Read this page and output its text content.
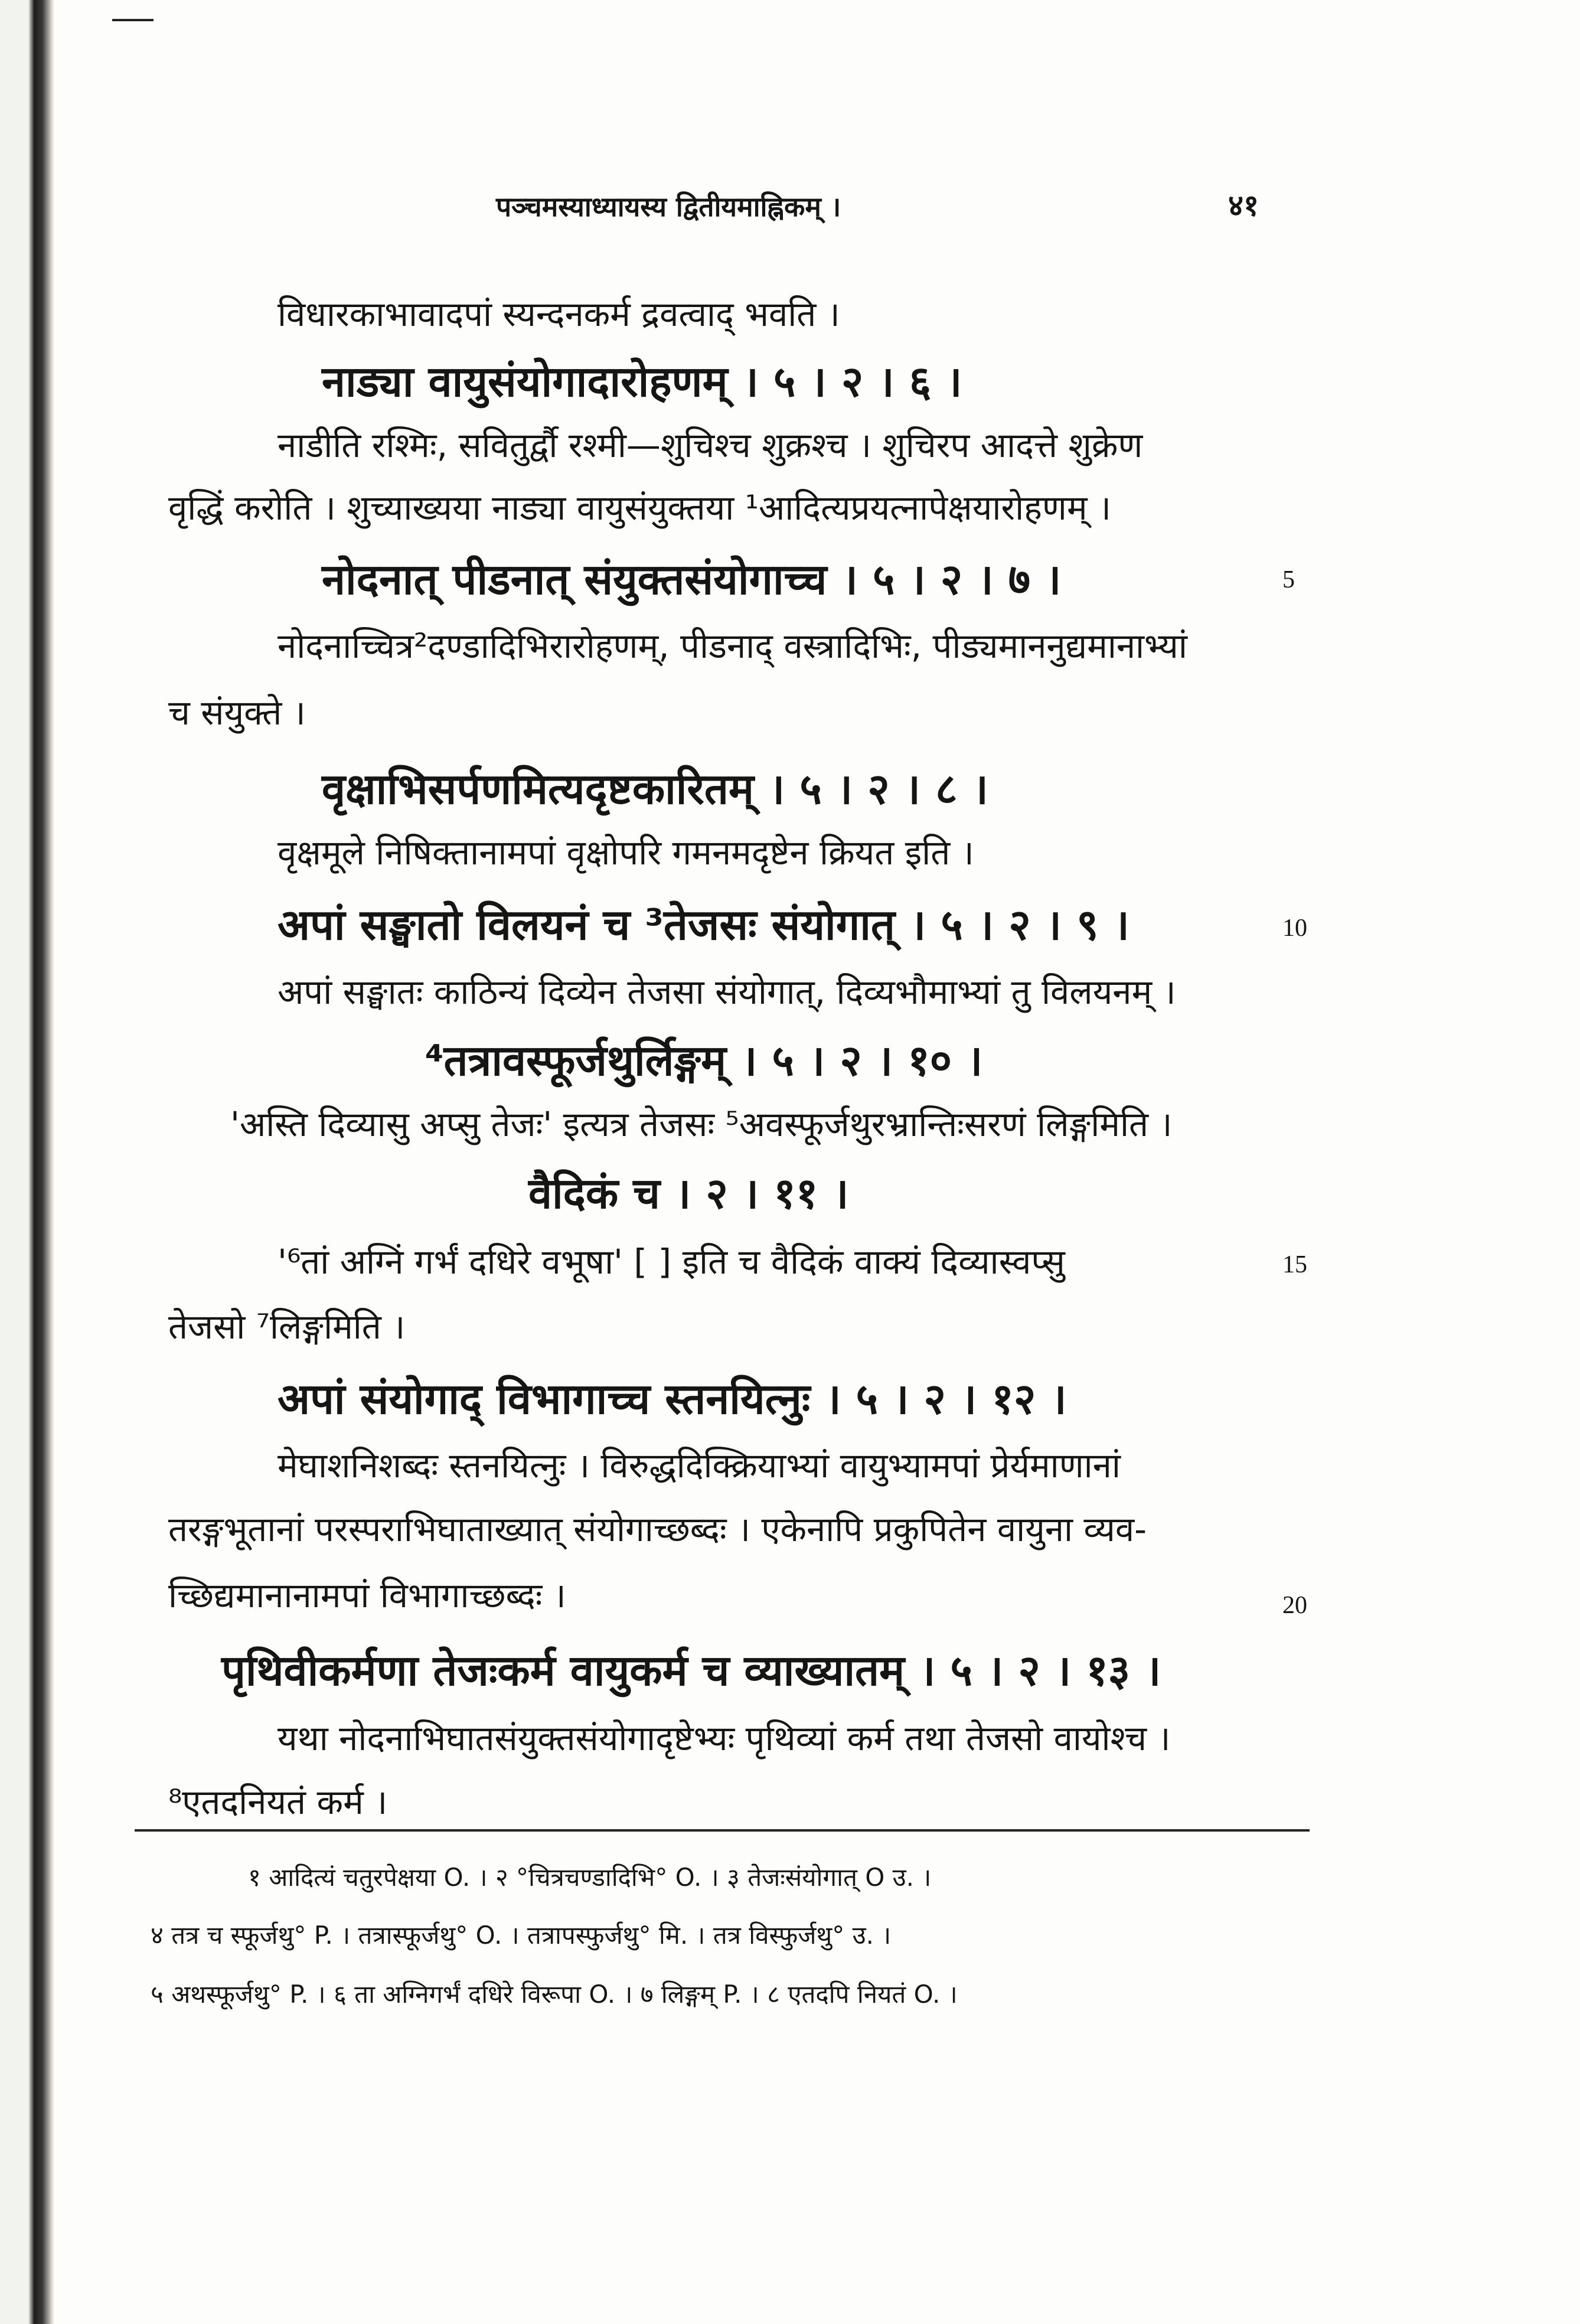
पञ्चमस्याध्यायस्य द्वितीयमाह्निकम् ।	४१
विधारकाभावादपां स्यन्दनकर्म द्रवत्वाद् भवति ।
नाड्या वायुसंयोगादारोहणम् । ५ । २ । ६ ।
नाडीति रश्मिः, सवितुर्द्वौ रश्मी—शुचिश्च शुक्रश्च । शुचिरप आदत्ते शुक्रेण
वृद्धिं करोति । शुच्याख्यया नाड्या वायुसंयुक्तया ¹आदित्यप्रयत्नापेक्षयारोहणम् ।
नोदनात् पीडनात् संयुक्तसंयोगाच्च । ५ । २ । ७ ।
नोदनाच्चित्र²दण्डादिभिरारोहणम्, पीडनाद् वस्त्रादिभिः, पीड्यमाननुद्यमानाभ्यां
च संयुक्ते ।
वृक्षाभिसर्पणमित्यदृष्टकारितम् । ५ । २ । ८ ।
वृक्षमूले निषिक्तानामपां वृक्षोपरि गमनमदृष्टेन क्रियत इति ।
अपां सङ्घातो विलयनं च ³तेजसः संयोगात् । ५ । २ । ९ ।
अपां सङ्घातः काठिन्यं दिव्येन तेजसा संयोगात्, दिव्यभौमाभ्यां तु विलयनम् ।
⁴तत्रावस्फूर्जथुर्लिङ्गम् । ५ । २ । १० ।
'अस्ति दिव्यासु अप्सु तेजः' इत्यत्र तेजसः ⁵अवस्फूर्जथुरभ्रान्तिःसरणं लिङ्गमिति ।
वैदिकं च । २ । ११ ।
'⁶तां अग्निं गर्भं दधिरे वभूषा' [ ] इति च वैदिकं वाक्यं दिव्यास्वप्सु
तेजसो ⁷लिङ्गमिति ।
अपां संयोगाद् विभागाच्च स्तनयित्नुः । ५ । २ । १२ ।
मेघाशनिशब्दः स्तनयित्नुः । विरुद्धदिक्क्रियाभ्यां वायुभ्यामपां प्रेर्यमाणानां
तरङ्गभूतानां परस्पराभिघाताख्यात् संयोगाच्छब्दः । एकेनापि प्रकुपितेन वायुना व्यव-
च्छिद्यमानानामपां विभागाच्छब्दः ।
पृथिवीकर्मणा तेजःकर्म वायुकर्म च व्याख्यातम् । ५ । २ । १३ ।
यथा नोदनाभिघातसंयुक्तसंयोगादृष्टेभ्यः पृथिव्यां कर्म तथा तेजसो वायोश्च ।
⁸एतदनियतं कर्म ।
5
10
15
20
१ आदित्यं चतुरपेक्षया O. । २ °चित्रचण्डादिभि° O. । ३ तेजःसंयोगात् O उ. ।
४ तत्र च स्फूर्जथु° P. । तत्रास्फूर्जथु° O. । तत्रापस्फुर्जथु° मि. । तत्र विस्फुर्जथु° उ. ।
५ अथस्फूर्जथु° P. । ६ ता अग्निगर्भं दधिरे विरूपा O. । ७ लिङ्गम् P. । ८ एतदपि नियतं O. ।
